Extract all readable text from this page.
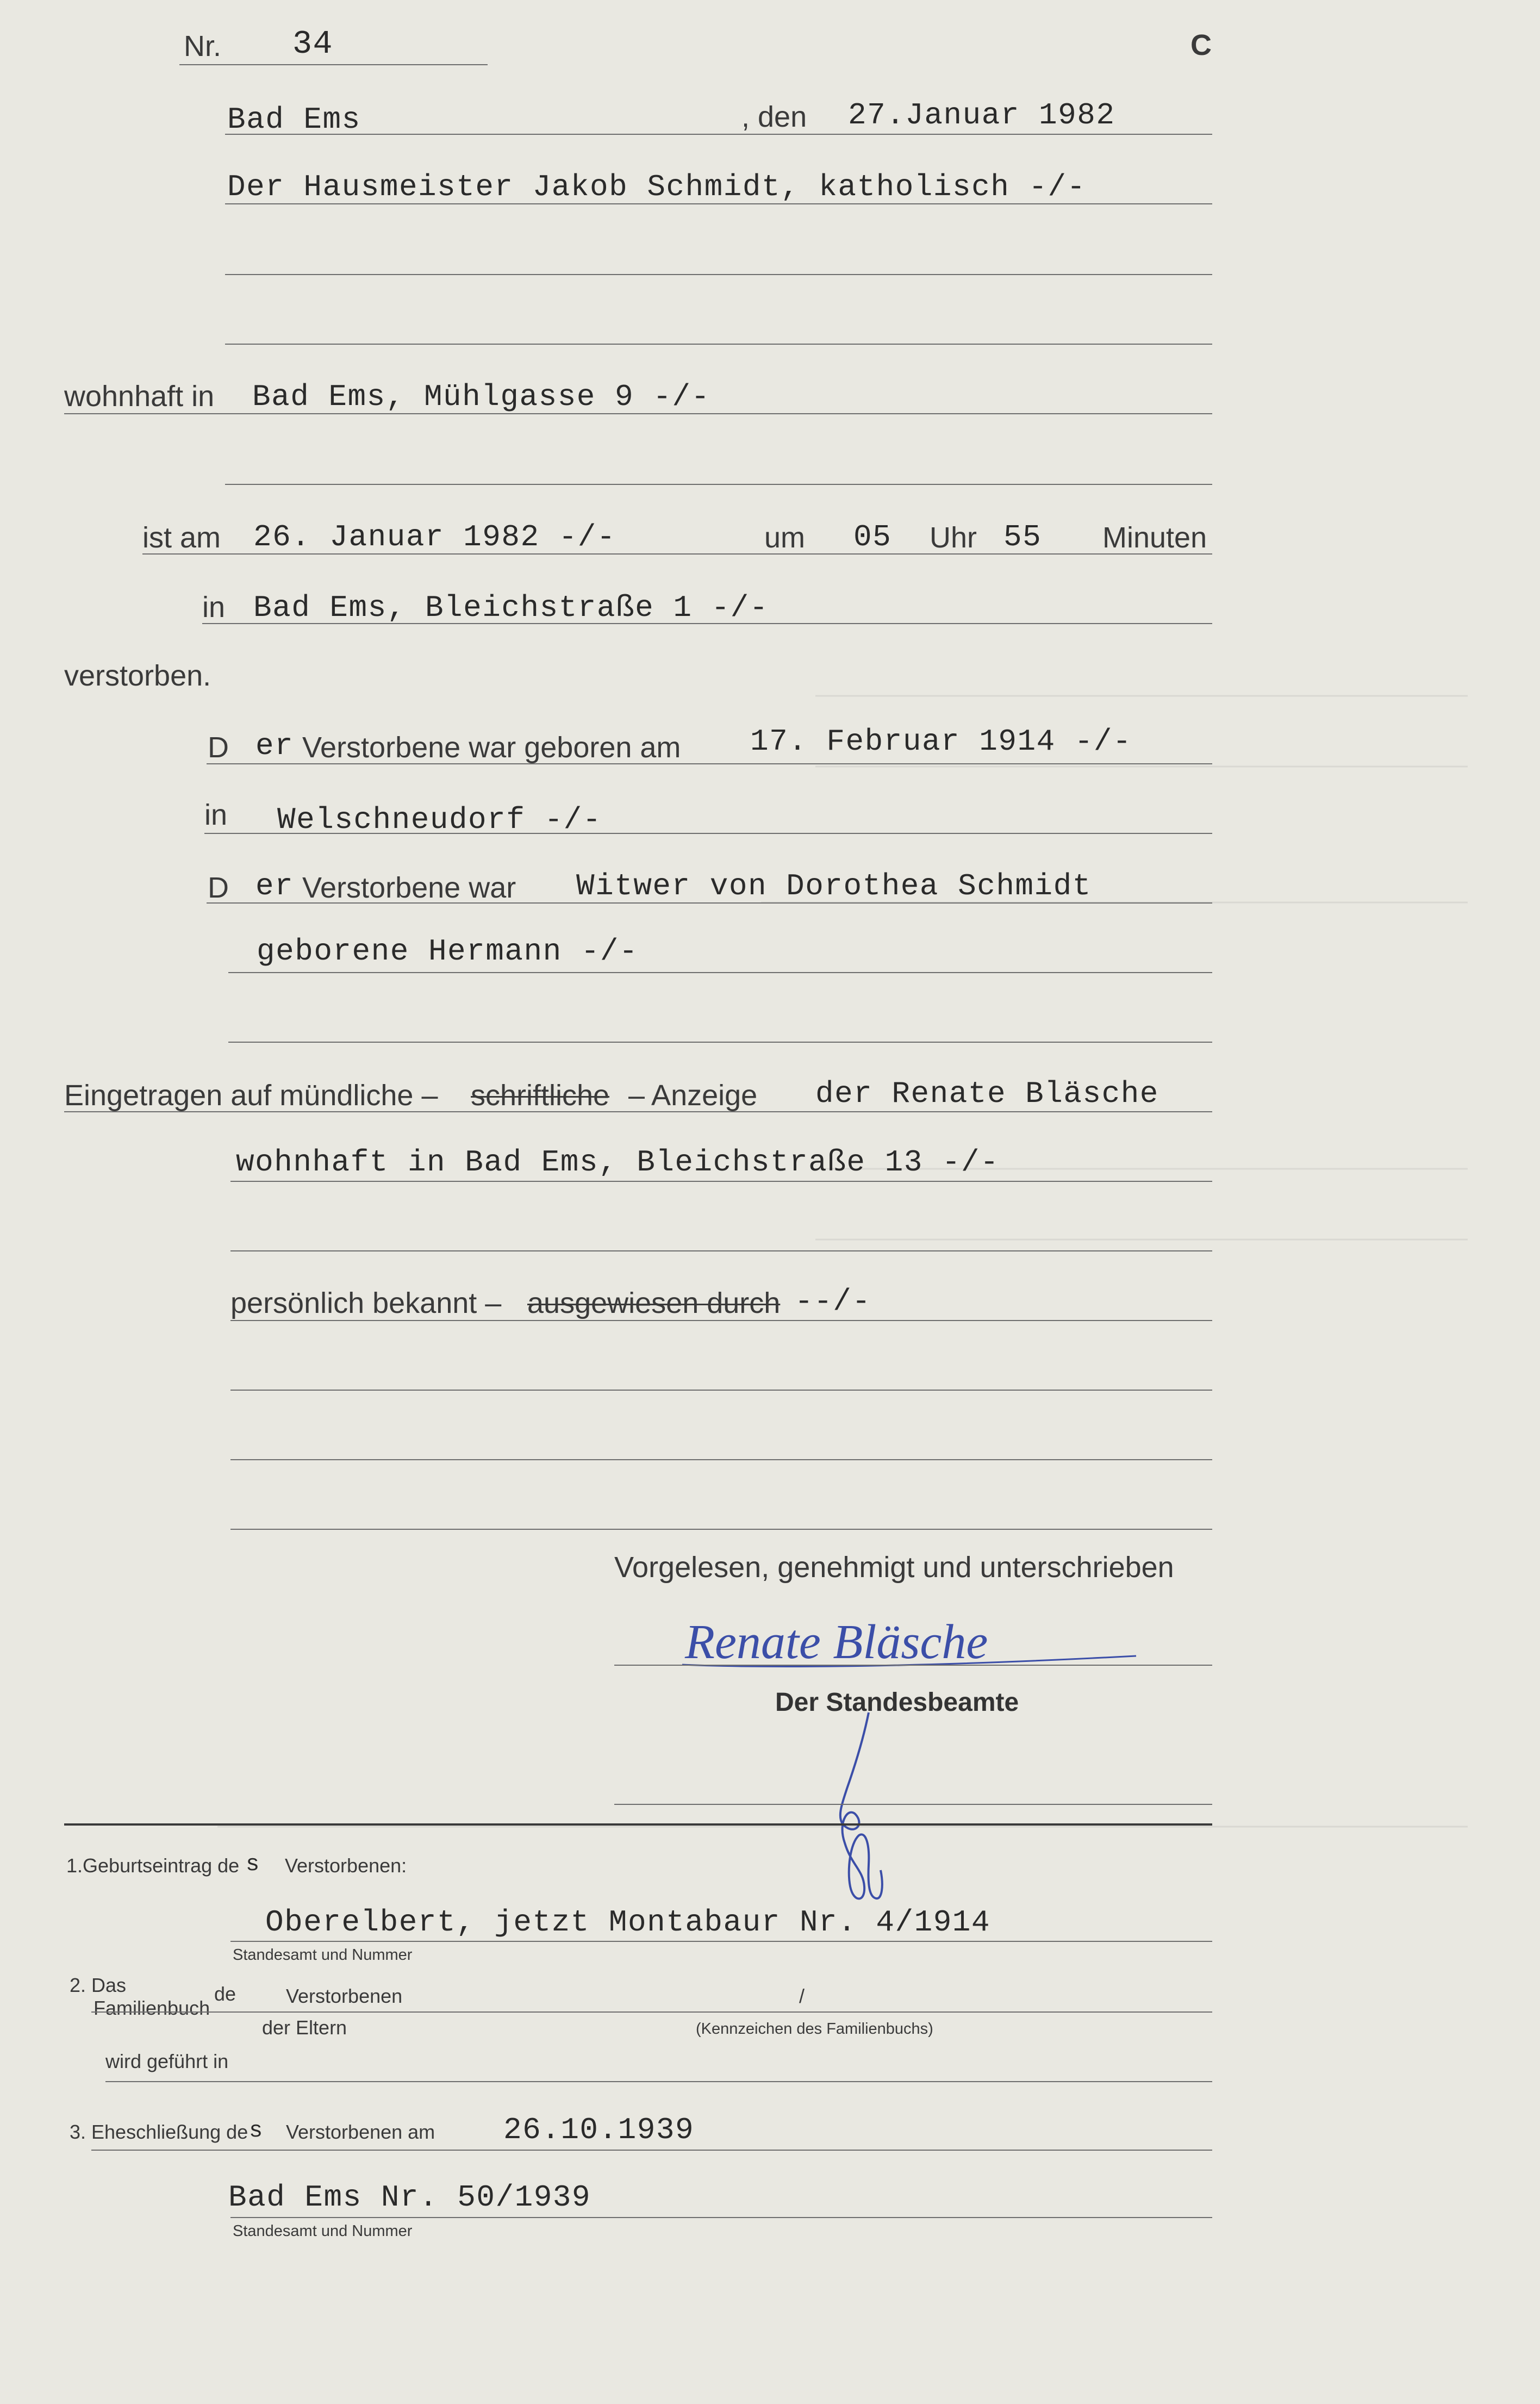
Nr. 34	C
Bad Ems	, den 27.Januar 1982
Der Hausmeister Jakob Schmidt, katholisch -/-
wohnhaft in Bad Ems, Mühlgasse 9 -/-
ist am 26. Januar 1982 -/-	um 05 Uhr 55 Minuten
in Bad Ems, Bleichstraße 1 -/-
verstorben.
D er Verstorbene war geboren am 17. Februar 1914 -/-
in Welschneudorf -/-
D er Verstorbene war Witwer von Dorothea Schmidt
geborene Hermann -/-
Eingetragen auf mündliche – schriftliche – Anzeige der Renate Bläsche
wohnhaft in Bad Ems, Bleichstraße 13 -/-
persönlich bekannt – ausgewiesen durch --/-
Vorgelesen, genehmigt und unterschrieben
Renate Bläsche
Der Standesbeamte
1.Geburtseintrag de s Verstorbenen:
Oberelbert, jetzt Montabaur Nr. 4/1914
Standesamt und Nummer
2. Das
Familienbuch
de	Verstorbenen
der Eltern
/
(Kennzeichen des Familienbuchs)
wird geführt in
3. Eheschließung de s Verstorbenen am 26.10.1939
Bad Ems Nr. 50/1939
Standesamt und Nummer
